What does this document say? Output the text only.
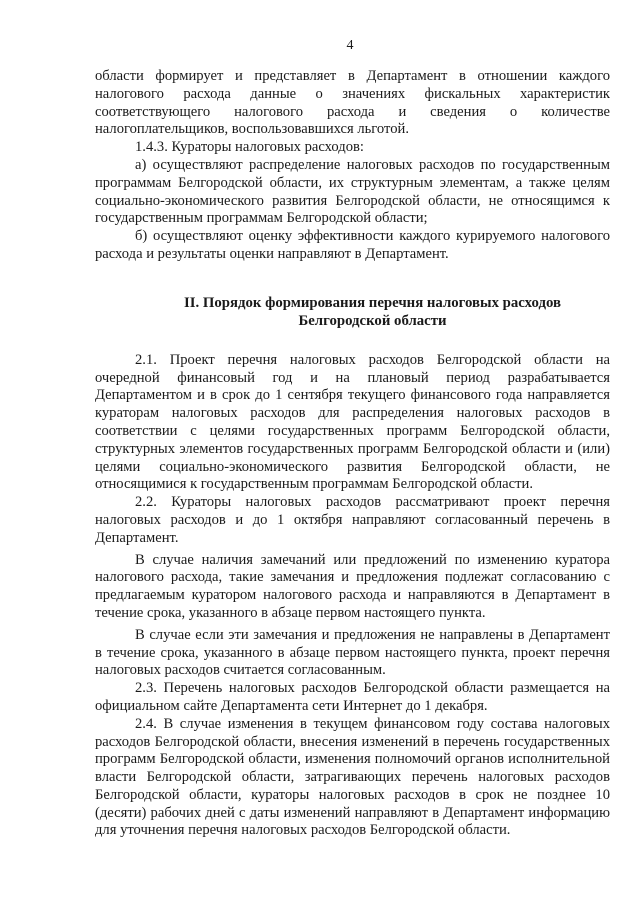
4

области формирует и представляет в Департамент в отношении каждого налогового расхода данные о значениях фискальных характеристик соответствующего налогового расхода и сведения о количестве налогоплательщиков, воспользовавшихся льготой.

1.4.3. Кураторы налоговых расходов:

а) осуществляют распределение налоговых расходов по государственным программам Белгородской области, их структурным элементам, а также целям социально-экономического развития Белгородской области, не относящимся к государственным программам Белгородской области;

б) осуществляют оценку эффективности каждого курируемого налогового расхода и результаты оценки направляют в Департамент.

II. Порядок формирования перечня налоговых расходов
Белгородской области

2.1. Проект перечня налоговых расходов Белгородской области на очередной финансовый год и на плановый период разрабатывается Департаментом и в срок до 1 сентября текущего финансового года направляется кураторам налоговых расходов для распределения налоговых расходов в соответствии с целями государственных программ Белгородской области, структурных элементов государственных программ Белгородской области и (или) целями социально-экономического развития Белгородской области, не относящимися к государственным программам Белгородской области.

2.2. Кураторы налоговых расходов рассматривают проект перечня налоговых расходов и до 1 октября направляют согласованный перечень в Департамент.

В случае наличия замечаний или предложений по изменению куратора налогового расхода, такие замечания и предложения подлежат согласованию с предлагаемым куратором налогового расхода и направляются в Департамент в течение срока, указанного в абзаце первом настоящего пункта.

В случае если эти замечания и предложения не направлены в Департамент в течение срока, указанного в абзаце первом настоящего пункта, проект перечня налоговых расходов считается согласованным.

2.3. Перечень налоговых расходов Белгородской области размещается на официальном сайте Департамента сети Интернет до 1 декабря.

2.4. В случае изменения в текущем финансовом году состава налоговых расходов Белгородской области, внесения изменений в перечень государственных программ Белгородской области, изменения полномочий органов исполнительной власти Белгородской области, затрагивающих перечень налоговых расходов Белгородской области, кураторы налоговых расходов в срок не позднее 10 (десяти) рабочих дней с даты изменений направляют в Департамент информацию для уточнения перечня налоговых расходов Белгородской области.
